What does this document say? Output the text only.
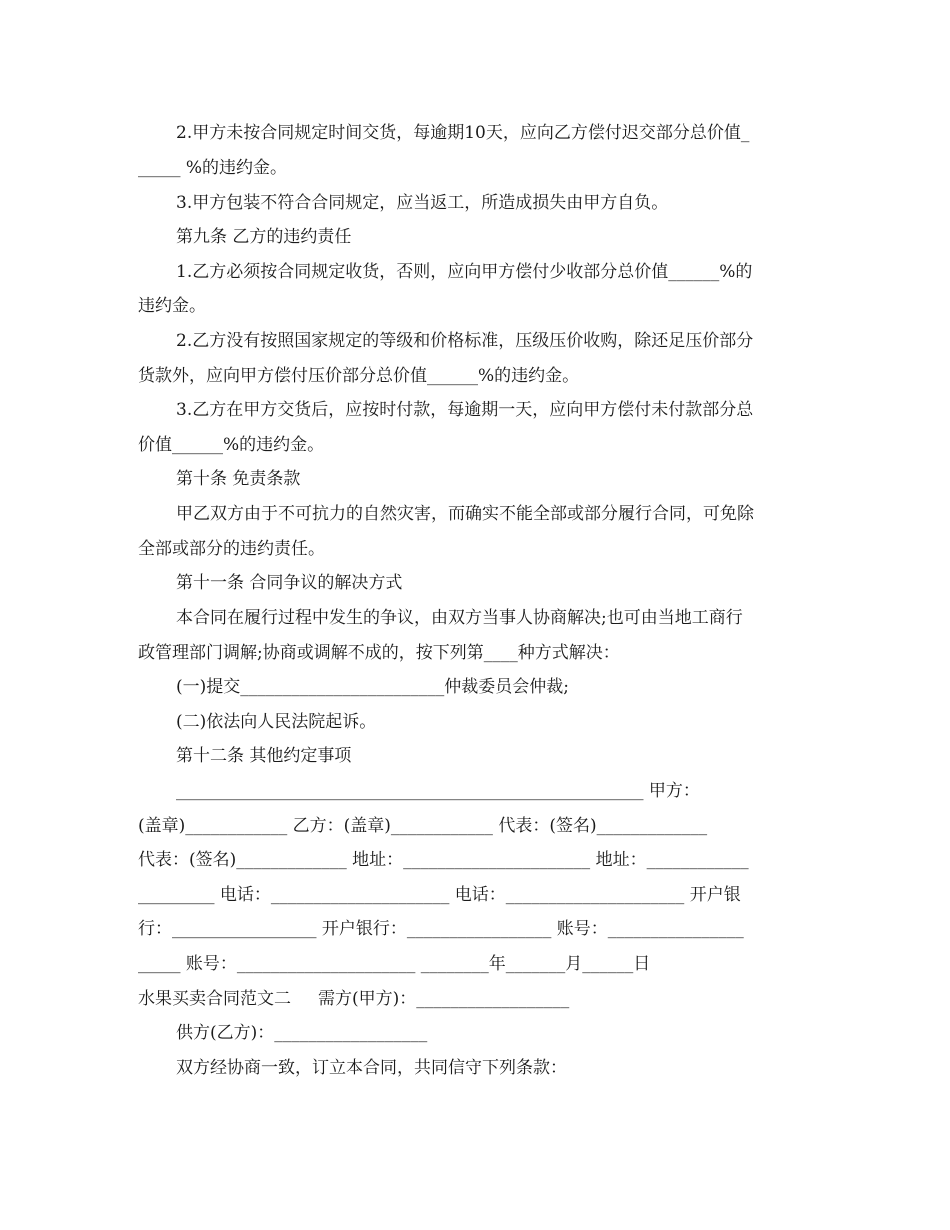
2.甲方未按合同规定时间交货，每逾期10天，应向乙方偿付迟交部分总价值_

_____ %的违约金。

3.甲方包装不符合合同规定，应当返工，所造成损失由甲方自负。

第九条 乙方的违约责任

1.乙方必须按合同规定收货，否则，应向甲方偿付少收部分总价值______%的

违约金。

2.乙方没有按照国家规定的等级和价格标准，压级压价收购，除还足压价部分

货款外，应向甲方偿付压价部分总价值______%的违约金。

3.乙方在甲方交货后，应按时付款，每逾期一天，应向甲方偿付未付款部分总

价值______%的违约金。

第十条 免责条款

甲乙双方由于不可抗力的自然灾害，而确实不能全部或部分履行合同，可免除

全部或部分的违约责任。

第十一条 合同争议的解决方式

本合同在履行过程中发生的争议，由双方当事人协商解决;也可由当地工商行

政管理部门调解;协商或调解不成的，按下列第____种方式解决：

(一)提交________________________仲裁委员会仲裁;

(二)依法向人民法院起诉。

第十二条 其他约定事项

_______________________________________________________ 甲方：

(盖章)____________ 乙方：(盖章)____________ 代表：(签名)_____________

代表：(签名)_____________ 地址：______________________ 地址：____________

_________ 电话：_____________________ 电话：_____________________ 开户银

行：_________________ 开户银行：_________________ 账号：________________

_____ 账号：_____________________ ________年_______月______日

水果买卖合同范文二     需方(甲方)：__________________

供方(乙方)：__________________

双方经协商一致，订立本合同，共同信守下列条款：
